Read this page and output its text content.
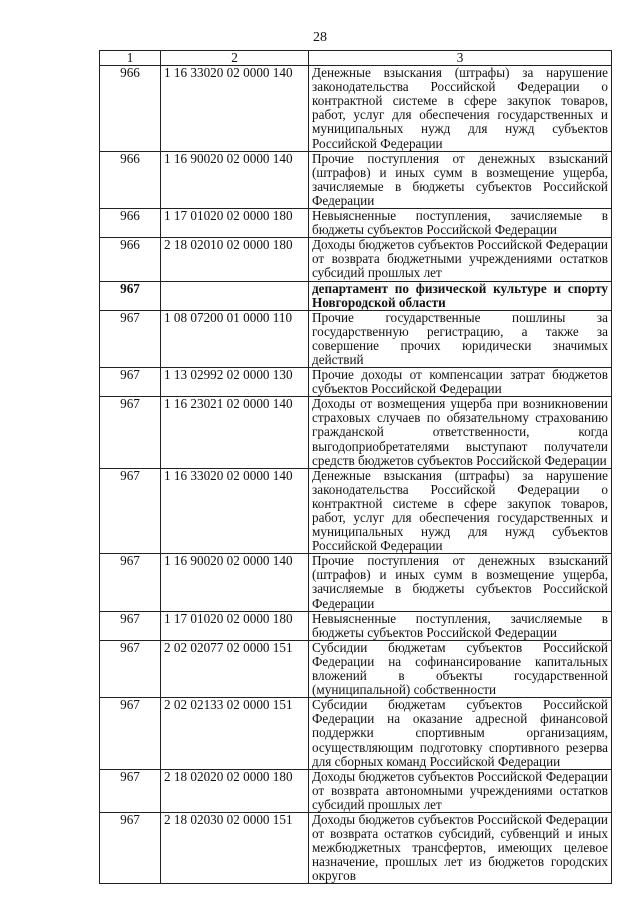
28
1	2	3
966	1 16 33020 02 0000 140	Денежные взыскания (штрафы) за нарушение законодательства Российской Федерации о контрактной системе в сфере закупок товаров, работ, услуг для обеспечения государственных и муниципальных нужд для нужд субъектов Российской Федерации
966	1 16 90020 02 0000 140	Прочие поступления от денежных взысканий (штрафов) и иных сумм в возмещение ущерба, зачисляемые в бюджеты субъектов Российской Федерации
966	1 17 01020 02 0000 180	Невыясненные поступления, зачисляемые в бюджеты субъектов Российской Федерации
966	2 18 02010 02 0000 180	Доходы бюджетов субъектов Российской Федерации от возврата бюджетными учреждениями остатков субсидий прошлых лет
967		департамент по физической культуре и спорту Новгородской области
967	1 08 07200 01 0000 110	Прочие государственные пошлины за государственную регистрацию, а также за совершение прочих юридически значимых действий
967	1 13 02992 02 0000 130	Прочие доходы от компенсации затрат бюджетов субъектов Российской Федерации
967	1 16 23021 02 0000 140	Доходы от возмещения ущерба при возникновении страховых случаев по обязательному страхованию гражданской ответственности, когда выгодоприобретателями выступают получатели средств бюджетов субъектов Российской Федерации
967	1 16 33020 02 0000 140	Денежные взыскания (штрафы) за нарушение законодательства Российской Федерации о контрактной системе в сфере закупок товаров, работ, услуг для обеспечения государственных и муниципальных нужд для нужд субъектов Российской Федерации
967	1 16 90020 02 0000 140	Прочие поступления от денежных взысканий (штрафов) и иных сумм в возмещение ущерба, зачисляемые в бюджеты субъектов Российской Федерации
967	1 17 01020 02 0000 180	Невыясненные поступления, зачисляемые в бюджеты субъектов Российской Федерации
967	2 02 02077 02 0000 151	Субсидии бюджетам субъектов Российской Федерации на софинансирование капитальных вложений в объекты государственной (муниципальной) собственности
967	2 02 02133 02 0000 151	Субсидии бюджетам субъектов Российской Федерации на оказание адресной финансовой поддержки спортивным организациям, осуществляющим подготовку спортивного резерва для сборных команд Российской Федерации
967	2 18 02020 02 0000 180	Доходы бюджетов субъектов Российской Федерации от возврата автономными учреждениями остатков субсидий прошлых лет
967	2 18 02030 02 0000 151	Доходы бюджетов субъектов Российской Федерации от возврата остатков субсидий, субвенций и иных межбюджетных трансфертов, имеющих целевое назначение, прошлых лет из бюджетов городских округов
